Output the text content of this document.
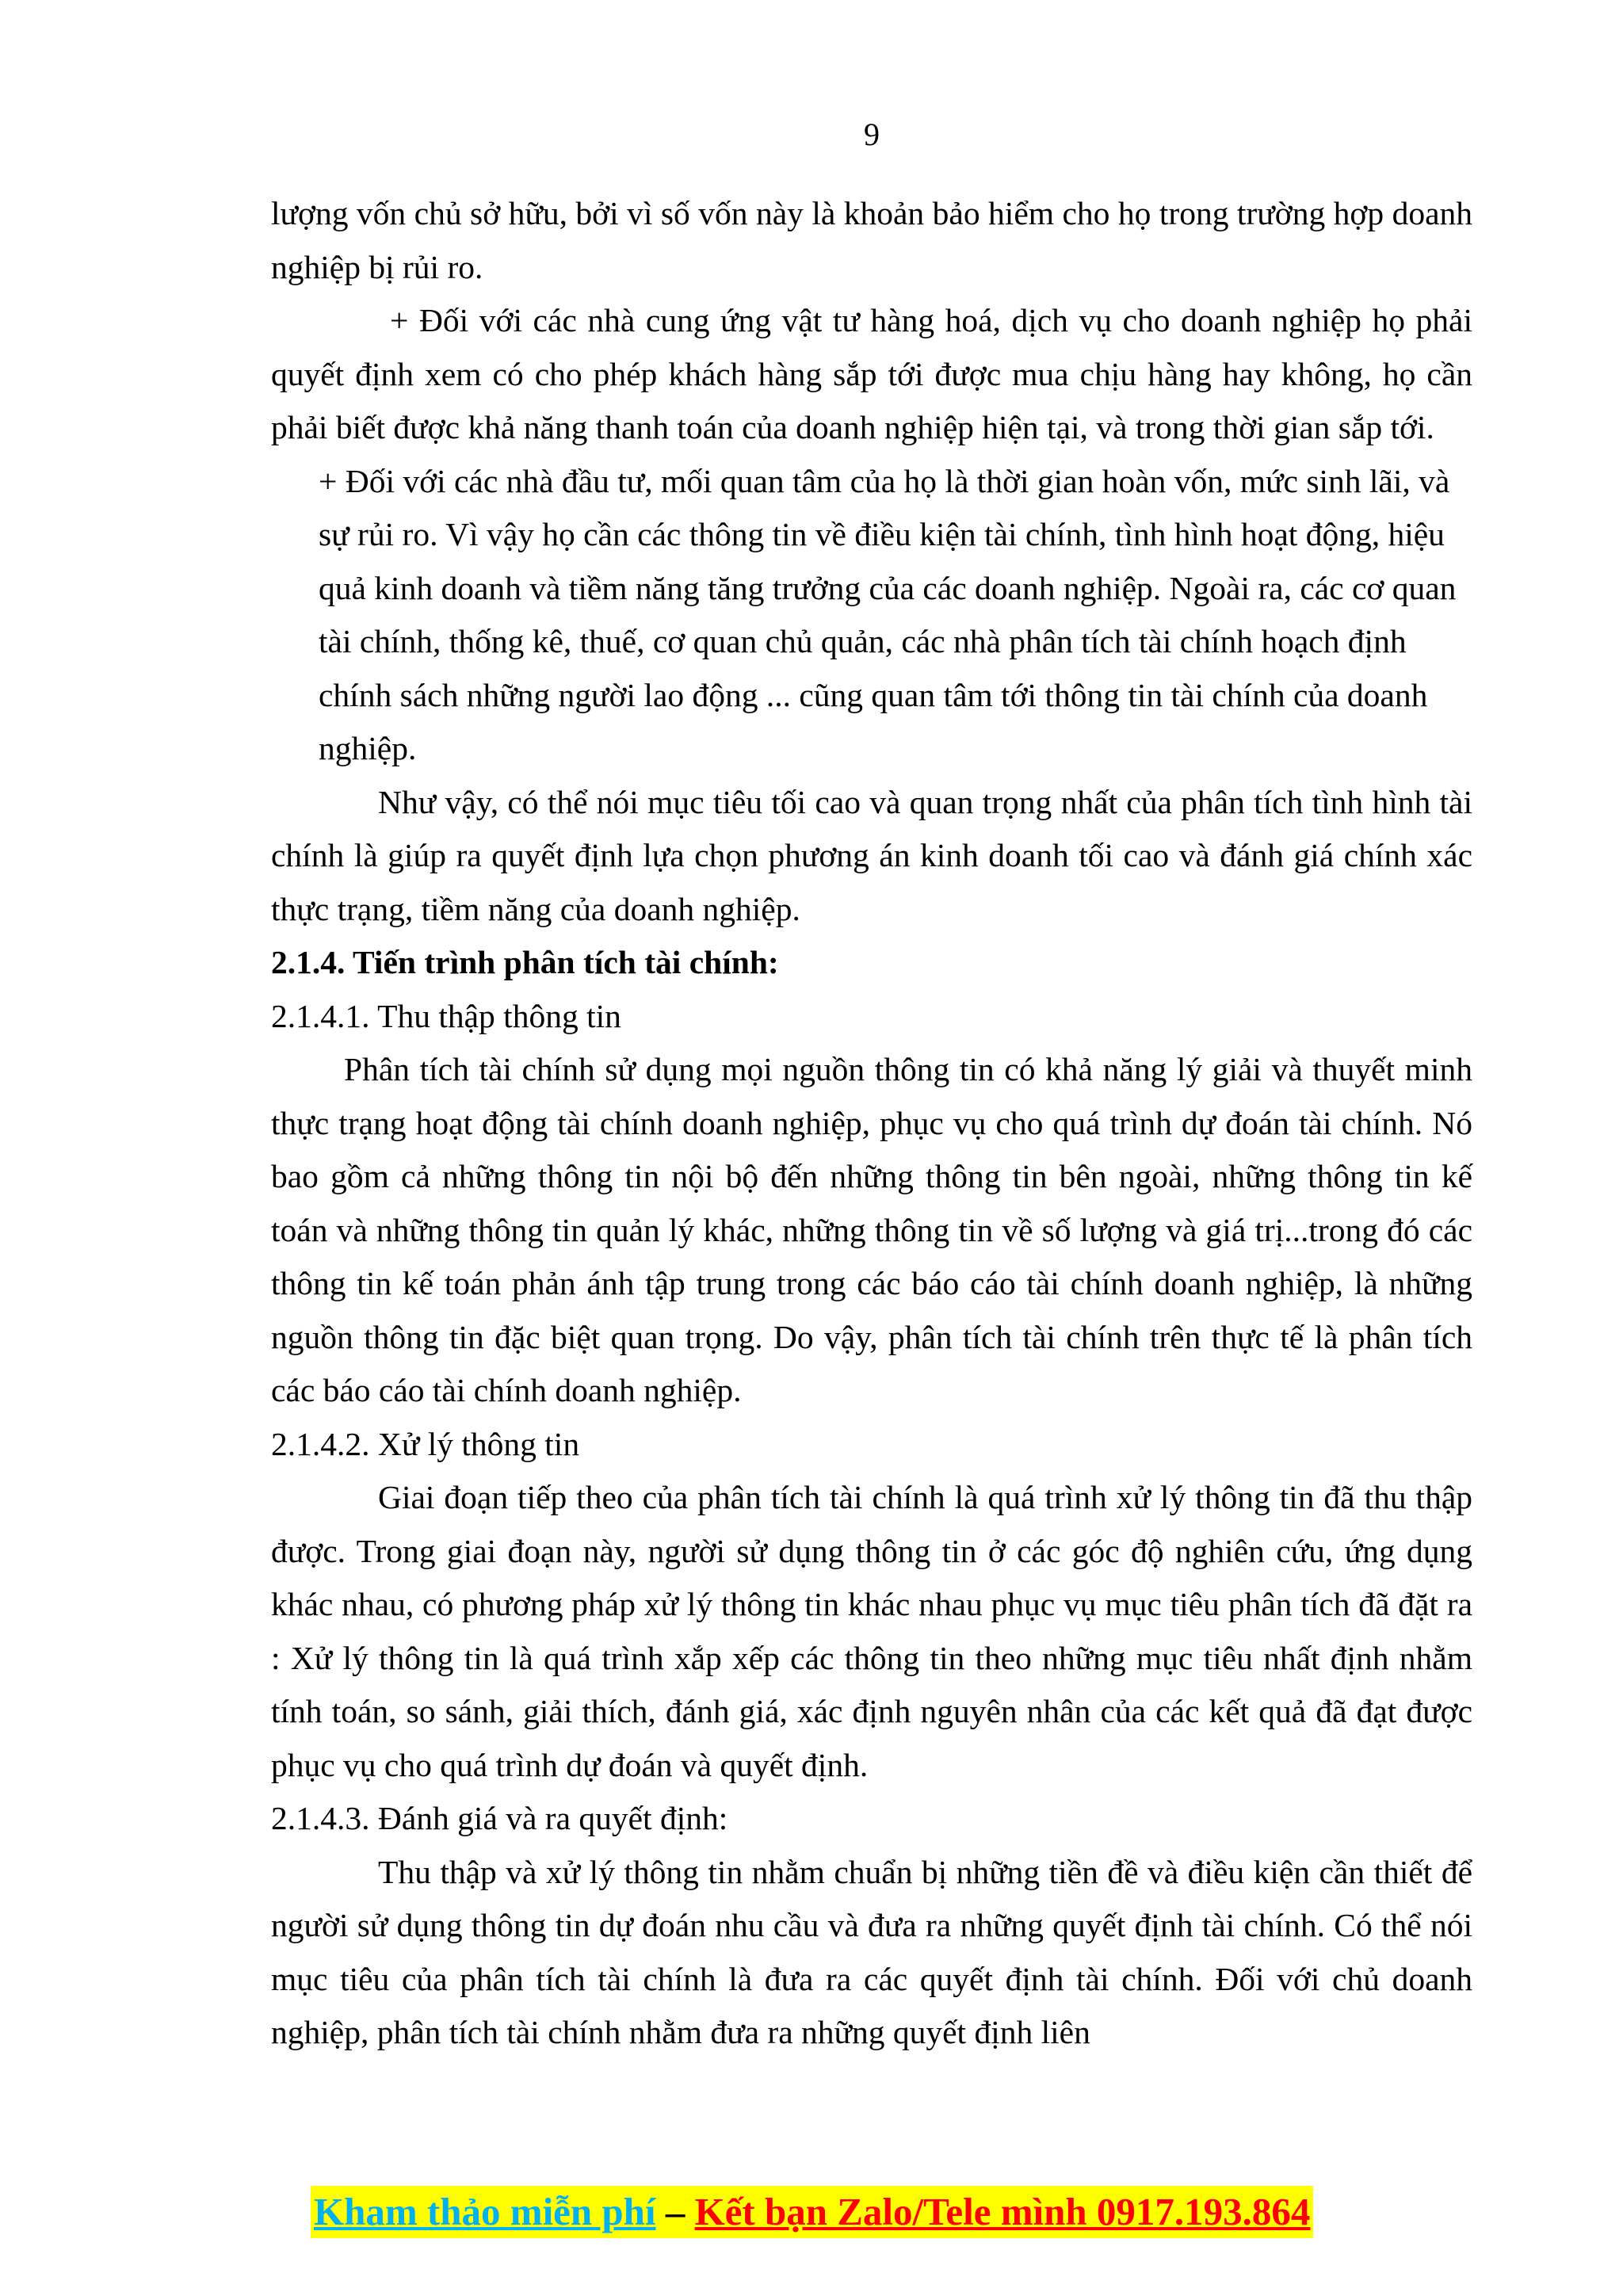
9

lượng vốn chủ sở hữu, bởi vì số vốn này là khoản bảo hiểm cho họ trong trường hợp doanh nghiệp bị rủi ro.

+ Đối với các nhà cung ứng vật tư hàng hoá, dịch vụ cho doanh nghiệp họ phải quyết định xem có cho phép khách hàng sắp tới được mua chịu hàng hay không, họ cần phải biết được khả năng thanh toán của doanh nghiệp hiện tại, và trong thời gian sắp tới.

+ Đối với các nhà đầu tư, mối quan tâm của họ là thời gian hoàn vốn, mức sinh lãi, và sự rủi ro. Vì vậy họ cần các thông tin về điều kiện tài chính, tình hình hoạt động, hiệu quả kinh doanh và tiềm năng tăng trưởng của các doanh nghiệp. Ngoài ra, các cơ quan tài chính, thống kê, thuế, cơ quan chủ quản, các nhà phân tích tài chính hoạch định chính sách những người lao động ... cũng quan tâm tới thông tin tài chính của doanh nghiệp.

Như vậy, có thể nói mục tiêu tối cao và quan trọng nhất của phân tích tình hình tài chính là giúp ra quyết định lựa chọn phương án kinh doanh tối cao và đánh giá chính xác thực trạng, tiềm năng của doanh nghiệp.

2.1.4. Tiến trình phân tích tài chính:

2.1.4.1. Thu thập thông tin

Phân tích tài chính sử dụng mọi nguồn thông tin có khả năng lý giải và thuyết minh thực trạng hoạt động tài chính doanh nghiệp, phục vụ cho quá trình dự đoán tài chính. Nó bao gồm cả những thông tin nội bộ đến những thông tin bên ngoài, những thông tin kế toán và những thông tin quản lý khác, những thông tin về số lượng và giá trị...trong đó các thông tin kế toán phản ánh tập trung trong các báo cáo tài chính doanh nghiệp, là những nguồn thông tin đặc biệt quan trọng. Do vậy, phân tích tài chính trên thực tế là phân tích các báo cáo tài chính doanh nghiệp.

2.1.4.2. Xử lý thông tin

Giai đoạn tiếp theo của phân tích tài chính là quá trình xử lý thông tin đã thu thập được. Trong giai đoạn này, người sử dụng thông tin ở các góc độ nghiên cứu, ứng dụng khác nhau, có phương pháp xử lý thông tin khác nhau phục vụ mục tiêu phân tích đã đặt ra : Xử lý thông tin là quá trình xắp xếp các thông tin theo những mục tiêu nhất định nhằm tính toán, so sánh, giải thích, đánh giá, xác định nguyên nhân của các kết quả đã đạt được phục vụ cho quá trình dự đoán và quyết định.

2.1.4.3. Đánh giá và ra quyết định:

Thu thập và xử lý thông tin nhằm chuẩn bị những tiền đề và điều kiện cần thiết để người sử dụng thông tin dự đoán nhu cầu và đưa ra những quyết định tài chính. Có thể nói mục tiêu của phân tích tài chính là đưa ra các quyết định tài chính. Đối với chủ doanh nghiệp, phân tích tài chính nhằm đưa ra những quyết định liên

Kham thảo miễn phí – Kết bạn Zalo/Tele mình 0917.193.864
